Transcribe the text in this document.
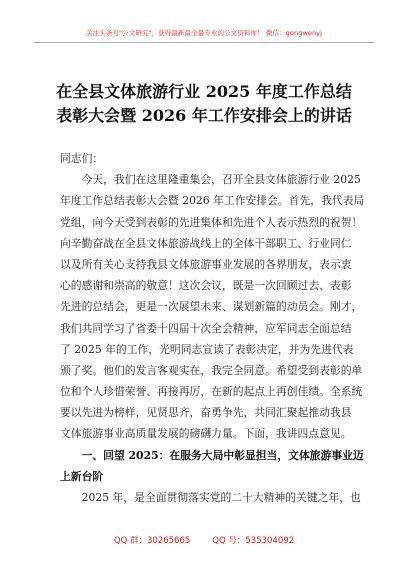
关注头条号"公文研究"，获得最新最全最专业的公文资料库！ 微信：gongwenyj
在全县文体旅游行业 2025 年度工作总结
表彰大会暨 2026 年工作安排会上的讲话
同志们：
　　今天，我们在这里隆重集会，召开全县文体旅游行业 2025
年度工作总结表彰大会暨 2026 年工作安排会。首先，我代表局
党组，向今天受到表彰的先进集体和先进个人表示热烈的祝贺！
向辛勤奋战在全县文体旅游战线上的全体干部职工、行业同仁
以及所有关心支持我县文体旅游事业发展的各界朋友，表示衷
心的感谢和崇高的敬意！这次会议，既是一次回顾过去、表彰
先进的总结会，更是一次展望未来、谋划新篇的动员会。刚才，
我们共同学习了省委十四届十次全会精神，应军同志全面总结
了 2025 年的工作，光明同志宣读了表彰决定，并为先进代表
颁了奖。他们的发言客观实在，我完全同意。希望受到表彰的单
位和个人珍惜荣誉、再接再厉，在新的起点上再创佳绩。全系统
要以先进为榜样，见贤思齐，奋勇争先，共同汇聚起推动我县
文体旅游事业高质量发展的磅礴力量。下面，我讲四点意见。
　　一、回望 2025：在服务大局中彰显担当，文体旅游事业迈
上新台阶
　　2025 年，是全面贯彻落实党的二十大精神的关键之年，也
QQ 群：30265665	QQ 号：535304092
